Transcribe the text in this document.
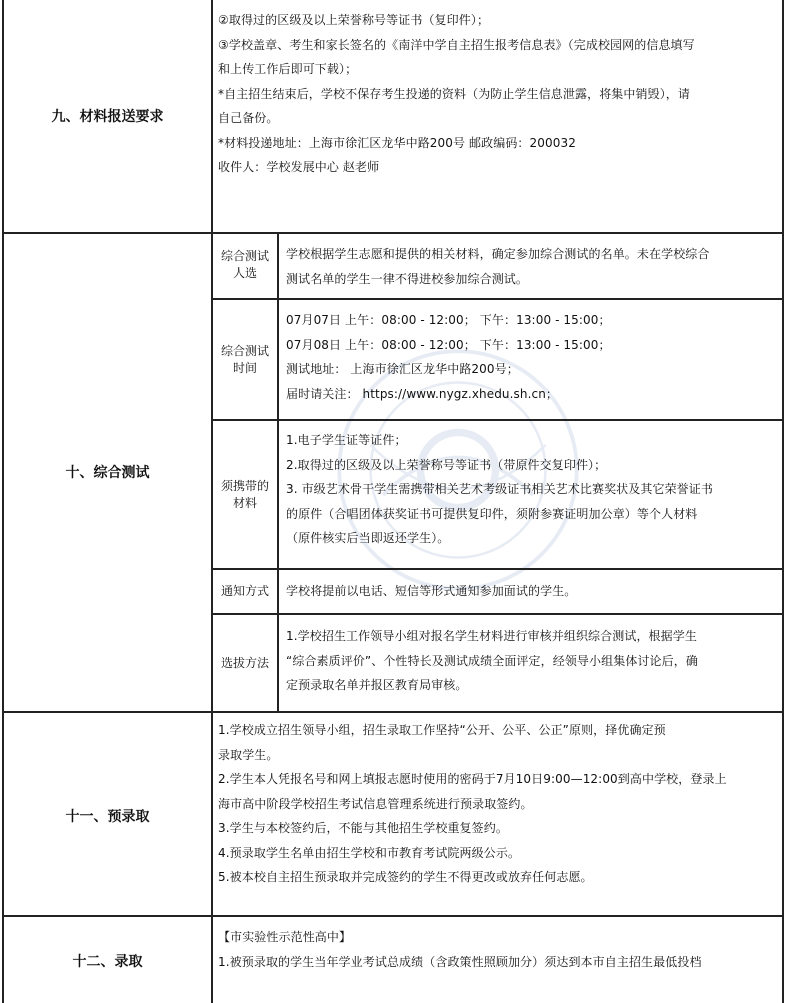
九、材料报送要求
②取得过的区级及以上荣誉称号等证书（复印件）；
③学校盖章、考生和家长签名的《南洋中学自主招生报考信息表》（完成校园网的信息填写
和上传工作后即可下载）；
*自主招生结束后，学校不保存考生投递的资料（为防止学生信息泄露，将集中销毁），请
自己备份。
*材料投递地址：上海市徐汇区龙华中路200号 邮政编码：200032
收件人：学校发展中心 赵老师
十、综合测试
综合测试
人选
学校根据学生志愿和提供的相关材料，确定参加综合测试的名单。未在学校综合
测试名单的学生一律不得进校参加综合测试。
综合测试
时间
07月07日 上午：08:00 - 12:00； 下午：13:00 - 15:00；
07月08日 上午：08:00 - 12:00； 下午：13:00 - 15:00；
测试地址： 上海市徐汇区龙华中路200号；
届时请关注： https://www.nygz.xhedu.sh.cn；
须携带的
材料
1.电子学生证等证件；
2.取得过的区级及以上荣誉称号等证书（带原件交复印件）；
3. 市级艺术骨干学生需携带相关艺术考级证书相关艺术比赛奖状及其它荣誉证书
的原件（合唱团体获奖证书可提供复印件，须附参赛证明加公章）等个人材料
（原件核实后当即返还学生）。
通知方式	学校将提前以电话、短信等形式通知参加面试的学生。
选拔方法
1.学校招生工作领导小组对报名学生材料进行审核并组织综合测试，根据学生
“综合素质评价”、个性特长及测试成绩全面评定，经领导小组集体讨论后，确
定预录取名单并报区教育局审核。
十一、预录取
1.学校成立招生领导小组，招生录取工作坚持“公开、公平、公正”原则，择优确定预
录取学生。
2.学生本人凭报名号和网上填报志愿时使用的密码于7月10日9:00—12:00到高中学校，登录上
海市高中阶段学校招生考试信息管理系统进行预录取签约。
3.学生与本校签约后，不能与其他招生学校重复签约。
4.预录取学生名单由招生学校和市教育考试院两级公示。
5.被本校自主招生预录取并完成签约的学生不得更改或放弃任何志愿。
十二、录取
【市实验性示范性高中】
1.被预录取的学生当年学业考试总成绩（含政策性照顾加分）须达到本市自主招生最低投档
